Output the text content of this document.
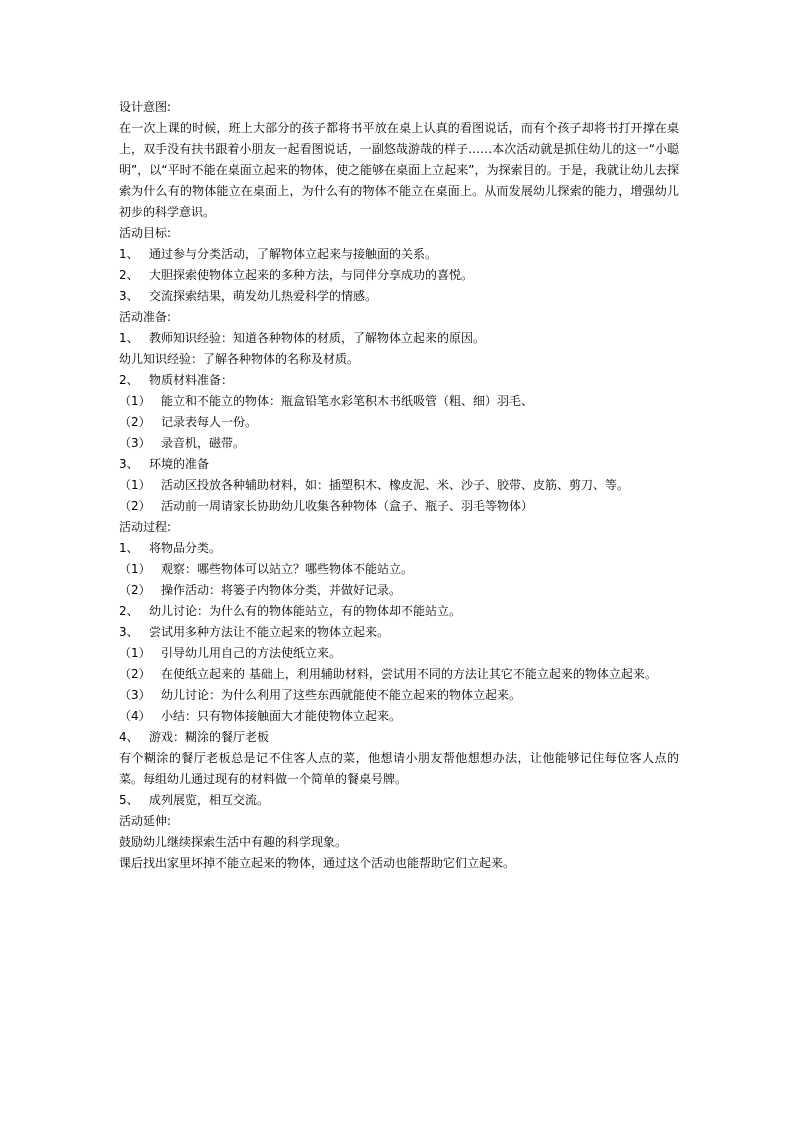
设计意图:
在一次上课的时候，班上大部分的孩子都将书平放在桌上认真的看图说话，而有个孩子却将书打开撑在桌上，双手没有扶书跟着小朋友一起看图说话，一副悠哉游哉的样子……本次活动就是抓住幼儿的这一“小聪明”，以“平时不能在桌面立起来的物体，使之能够在桌面上立起来”，为探索目的。于是，我就让幼儿去探索为什么有的物体能立在桌面上，为什么有的物体不能立在桌面上。从而发展幼儿探索的能力，增强幼儿初步的科学意识。
活动目标:
1、 通过参与分类活动，了解物体立起来与接触面的关系。
2、 大胆探索使物体立起来的多种方法，与同伴分享成功的喜悦。
3、 交流探索结果，萌发幼儿热爱科学的情感。
活动准备:
1、 教师知识经验：知道各种物体的材质，了解物体立起来的原因。
幼儿知识经验：了解各种物体的名称及材质。
2、 物质材料准备：
（1） 能立和不能立的物体：瓶盒铅笔水彩笔积木书纸吸管（粗、细）羽毛、
（2） 记录表每人一份。
（3） 录音机，磁带。
3、 环境的准备
（1） 活动区投放各种辅助材料，如：插塑积木、橡皮泥、米、沙子、胶带、皮筋、剪刀、等。
（2） 活动前一周请家长协助幼儿收集各种物体（盒子、瓶子、羽毛等物体）
活动过程:
1、 将物品分类。
（1） 观察：哪些物体可以站立？哪些物体不能站立。
（2） 操作活动：将篓子内物体分类，并做好记录。
2、 幼儿讨论：为什么有的物体能站立，有的物体却不能站立。
3、 尝试用多种方法让不能立起来的物体立起来。
（1） 引导幼儿用自己的方法使纸立来。
（2） 在使纸立起来的 基础上，利用辅助材料，尝试用不同的方法让其它不能立起来的物体立起来。
（3） 幼儿讨论：为什么利用了这些东西就能使不能立起来的物体立起来。
（4） 小结：只有物体接触面大才能使物体立起来。
4、 游戏：糊涂的餐厅老板
有个糊涂的餐厅老板总是记不住客人点的菜，他想请小朋友帮他想想办法，让他能够记住每位客人点的菜。每组幼儿通过现有的材料做一个简单的餐桌号牌。
5、 成列展览，相互交流。
活动延伸:
鼓励幼儿继续探索生活中有趣的科学现象。
课后找出家里坏掉不能立起来的物体，通过这个活动也能帮助它们立起来。
